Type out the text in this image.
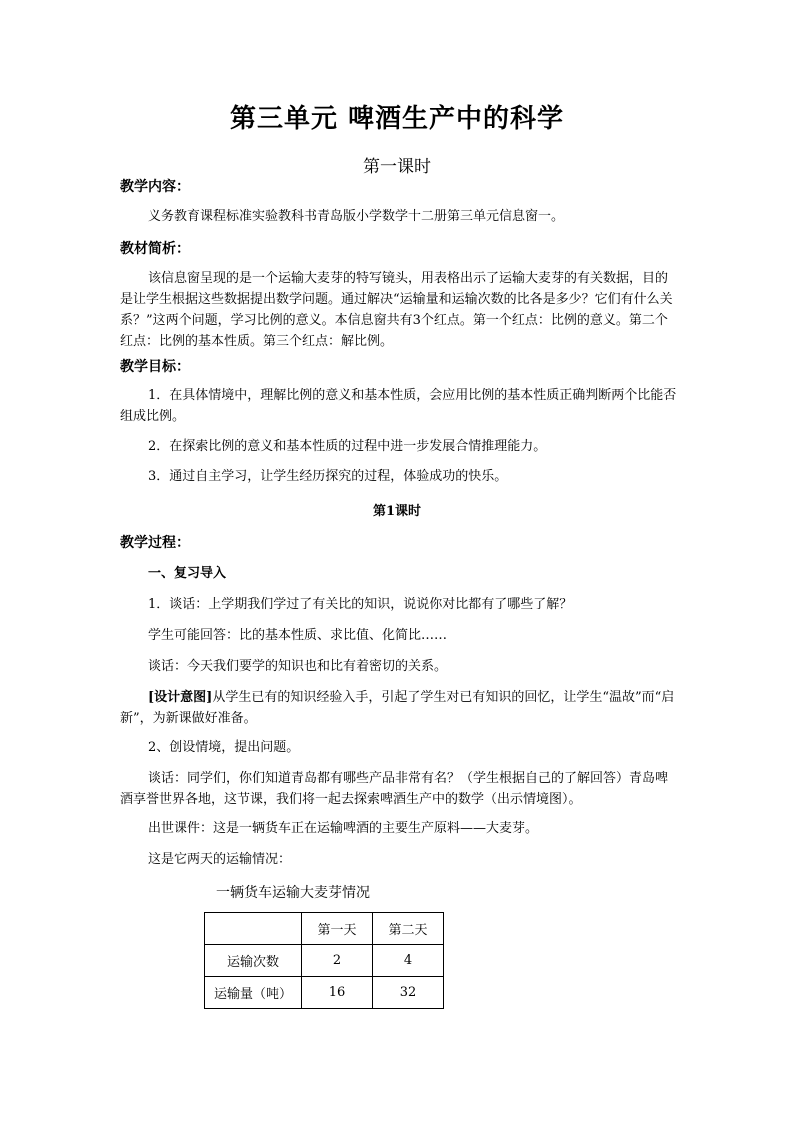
第三单元 啤酒生产中的科学
第一课时
教学内容：
义务教育课程标准实验教科书青岛版小学数学十二册第三单元信息窗一。
教材简析：
该信息窗呈现的是一个运输大麦芽的特写镜头，用表格出示了运输大麦芽的有关数据，目的是让学生根据这些数据提出数学问题。通过解决“运输量和运输次数的比各是多少？它们有什么关系？”这两个问题，学习比例的意义。本信息窗共有3个红点。第一个红点：比例的意义。第二个红点：比例的基本性质。第三个红点：解比例。
教学目标：
1．在具体情境中，理解比例的意义和基本性质，会应用比例的基本性质正确判断两个比能否组成比例。
2．在探索比例的意义和基本性质的过程中进一步发展合情推理能力。
3．通过自主学习，让学生经历探究的过程，体验成功的快乐。
第1课时
教学过程：
一、复习导入
1．谈话：上学期我们学过了有关比的知识，说说你对比都有了哪些了解？
学生可能回答：比的基本性质、求比值、化简比……
谈话：今天我们要学的知识也和比有着密切的关系。
[设计意图]从学生已有的知识经验入手，引起了学生对已有知识的回忆，让学生“温故”而“启新”，为新课做好准备。
2、创设情境，提出问题。
谈话：同学们，你们知道青岛都有哪些产品非常有名？（学生根据自己的了解回答）青岛啤酒享誉世界各地，这节课，我们将一起去探索啤酒生产中的数学（出示情境图）。
出世课件：这是一辆货车正在运输啤酒的主要生产原料——大麦芽。
这是它两天的运输情况：
一辆货车运输大麦芽情况
	第一天	第二天
运输次数	2	4
运输量（吨）	16	32
